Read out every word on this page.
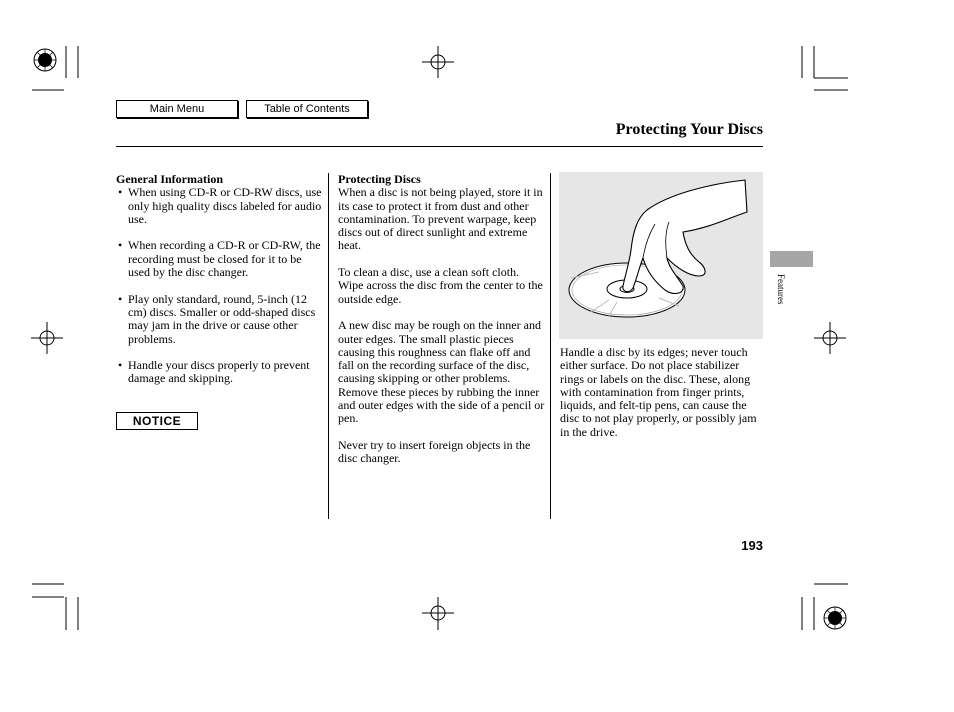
Main Menu	Table of Contents
Protecting Your Discs
General Information
• When using CD-R or CD-RW discs, use only high quality discs labeled for audio use.
• When recording a CD-R or CD-RW, the recording must be closed for it to be used by the disc changer.
• Play only standard, round, 5-inch (12 cm) discs. Smaller or odd-shaped discs may jam in the drive or cause other problems.
• Handle your discs properly to prevent damage and skipping.
NOTICE
Protecting Discs

When a disc is not being played, store it in its case to protect it from dust and other contamination. To prevent warpage, keep discs out of direct sunlight and extreme heat.

To clean a disc, use a clean soft cloth. Wipe across the disc from the center to the outside edge.

A new disc may be rough on the inner and outer edges. The small plastic pieces causing this roughness can flake off and fall on the recording surface of the disc, causing skipping or other problems. Remove these pieces by rubbing the inner and outer edges with the side of a pencil or pen.

Never try to insert foreign objects in the disc changer.

Handle a disc by its edges; never touch either surface. Do not place stabilizer rings or labels on the disc. These, along with contamination from finger prints, liquids, and felt-tip pens, can cause the disc to not play properly, or possibly jam in the drive.

Features
193
